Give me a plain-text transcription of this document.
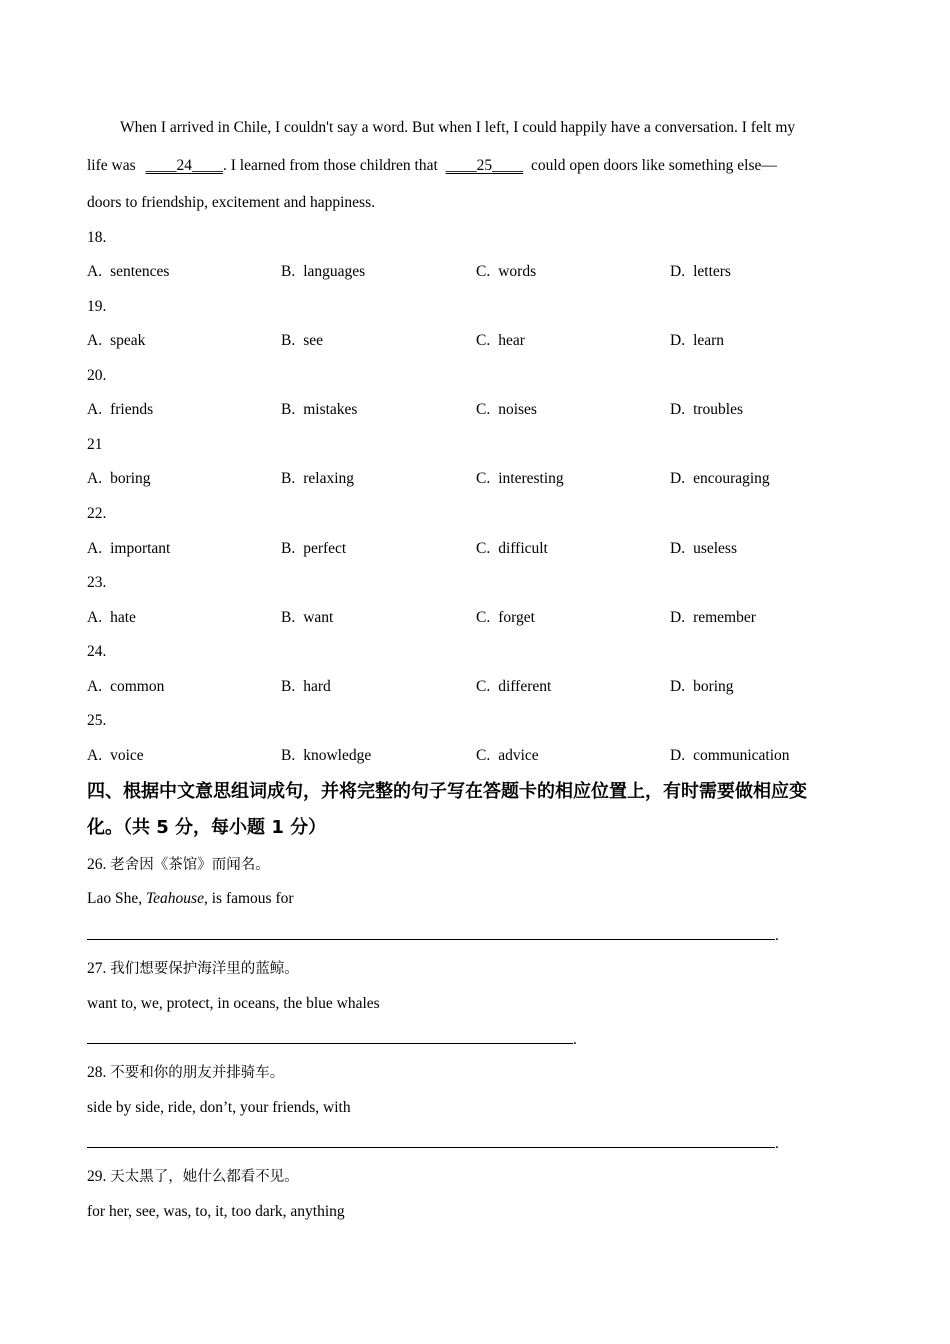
When I arrived in Chile, I couldn't say a word. But when I left, I could happily have a conversation. I felt my
life was ____24____. I learned from those children that ____25____ could open doors like something else—
doors to friendship, excitement and happiness.
18.
A. sentences	B. languages	C. words	D. letters
19.
A. speak	B. see	C. hear	D. learn
20.
A. friends	B. mistakes	C. noises	D. troubles
21
A. boring	B. relaxing	C. interesting	D. encouraging
22.
A. important	B. perfect	C. difficult	D. useless
23.
A. hate	B. want	C. forget	D. remember
24.
A. common	B. hard	C. different	D. boring
25.
A. voice	B. knowledge	C. advice	D. communication
四、根据中文意思组词成句，并将完整的句子写在答题卡的相应位置上，有时需要做相应变
化。（共 5 分，每小题 1 分）
26. 老舍因《茶馆》而闻名。
Lao She, Teahouse, is famous for
.
27. 我们想要保护海洋里的蓝鲸。
want to, we, protect, in oceans, the blue whales
.
28. 不要和你的朋友并排骑车。
side by side, ride, don’t, your friends, with
.
29. 天太黑了，她什么都看不见。
for her, see, was, to, it, too dark, anything
